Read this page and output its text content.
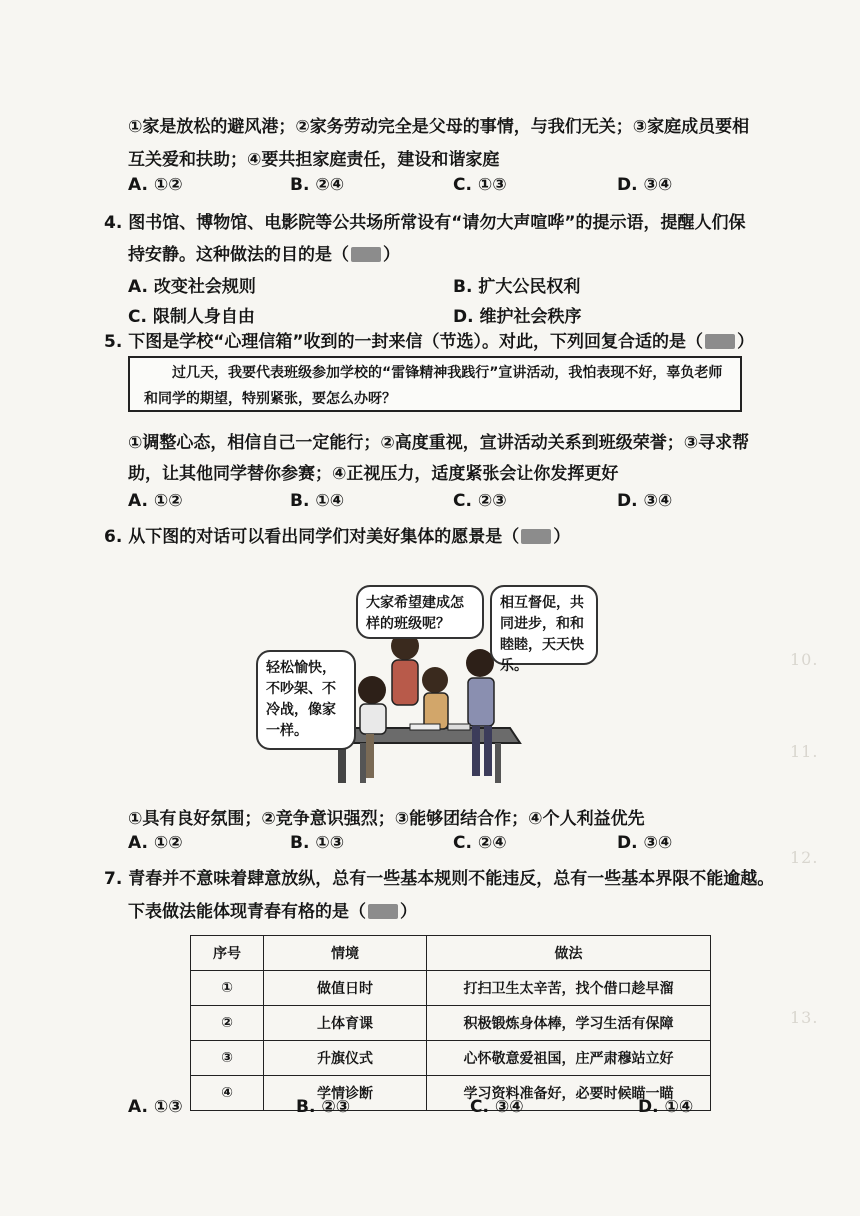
10.
11.
12.
13.
①家是放松的避风港；②家务劳动完全是父母的事情，与我们无关；③家庭成员要相
互关爱和扶助；④要共担家庭责任，建设和谐家庭
A. ①②	B. ②④	C. ①③	D. ③④
4. 图书馆、博物馆、电影院等公共场所常设有“请勿大声喧哗”的提示语，提醒人们保
持安静。这种做法的目的是（ ）
A. 改变社会规则	B. 扩大公民权利
C. 限制人身自由	D. 维护社会秩序
5. 下图是学校“心理信箱”收到的一封来信（节选）。对此，下列回复合适的是（ ）
过几天，我要代表班级参加学校的“雷锋精神我践行”宣讲活动，我怕表现不好，辜负老师和同学的期望，特别紧张，要怎么办呀？
①调整心态，相信自己一定能行；②高度重视，宣讲活动关系到班级荣誉；③寻求帮
助，让其他同学替你参赛；④正视压力，适度紧张会让你发挥更好
A. ①②	B. ①④	C. ②③	D. ③④
6. 从下图的对话可以看出同学们对美好集体的愿景是（ ）
大家希望建成怎样的班级呢？
轻松愉快，不吵架、不冷战，像家一样。
相互督促，共同进步，和和睦睦，天天快乐。
①具有良好氛围；②竞争意识强烈；③能够团结合作；④个人利益优先
A. ①②	B. ①③	C. ②④	D. ③④
7. 青春并不意味着肆意放纵，总有一些基本规则不能违反，总有一些基本界限不能逾越。
下表做法能体现青春有格的是（ ）
序号	情境	做法
①	做值日时	打扫卫生太辛苦，找个借口趁早溜
②	上体育课	积极锻炼身体棒，学习生活有保障
③	升旗仪式	心怀敬意爱祖国，庄严肃穆站立好
④	学情诊断	学习资料准备好，必要时候瞄一瞄
A. ①③	B. ②③	C. ③④	D. ①④
